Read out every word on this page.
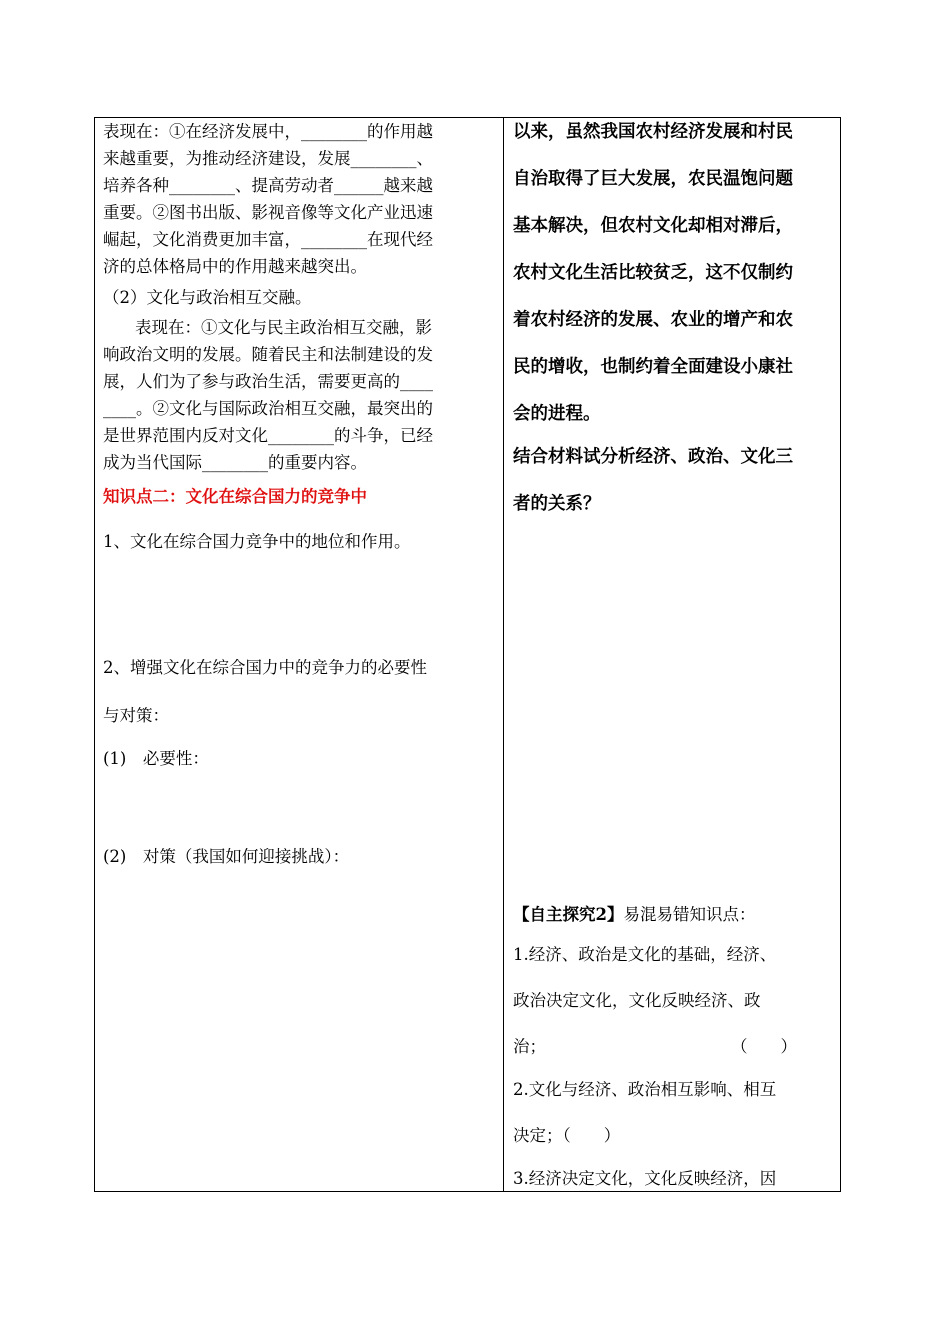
表现在：①在经济发展中，________的作用越
来越重要，为推动经济建设，发展________、
培养各种________、提高劳动者______越来越
重要。②图书出版、影视音像等文化产业迅速
崛起，文化消费更加丰富，________在现代经
济的总体格局中的作用越来越突出。
（2）文化与政治相互交融。
表现在：①文化与民主政治相互交融，影
响政治文明的发展。随着民主和法制建设的发
展，人们为了参与政治生活，需要更高的____
____。②文化与国际政治相互交融，最突出的
是世界范围内反对文化________的斗争，已经
成为当代国际________的重要内容。
知识点二：文化在综合国力的竞争中
1、文化在综合国力竞争中的地位和作用。
2、增强文化在综合国力中的竞争力的必要性
与对策：
(1)　必要性：
(2)　对策（我国如何迎接挑战）：
以来，虽然我国农村经济发展和村民
自治取得了巨大发展，农民温饱问题
基本解决，但农村文化却相对滞后，
农村文化生活比较贫乏，这不仅制约
着农村经济的发展、农业的增产和农
民的增收，也制约着全面建设小康社
会的进程。
结合材料试分析经济、政治、文化三
者的关系？
【自主探究2】易混易错知识点：
1.经济、政治是文化的基础，经济、
政治决定文化，文化反映经济、政
治；	（　　）
2.文化与经济、政治相互影响、相互
决定；（　　）
3.经济决定文化，文化反映经济，因
